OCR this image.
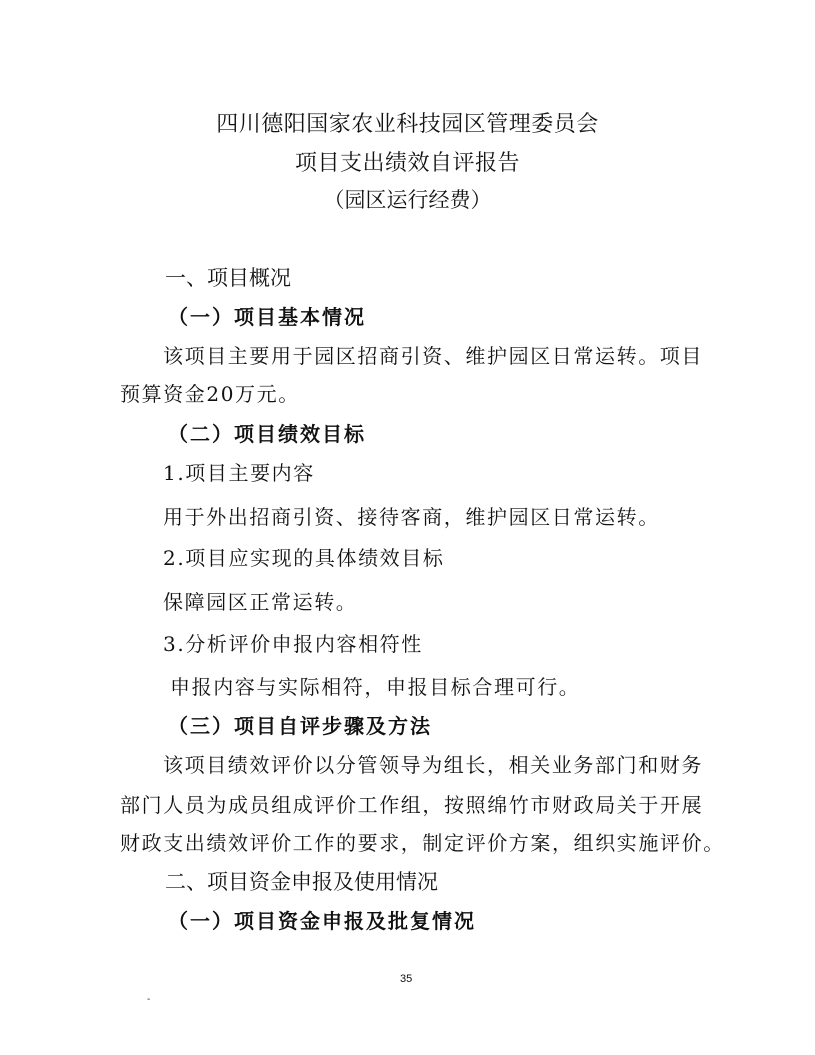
四川德阳国家农业科技园区管理委员会

项目支出绩效自评报告

（园区运行经费）

一、项目概况

（一）项目基本情况

该项目主要用于园区招商引资、维护园区日常运转。项目

预算资金20万元。

（二）项目绩效目标

1.项目主要内容

用于外出招商引资、接待客商，维护园区日常运转。

2.项目应实现的具体绩效目标

保障园区正常运转。

3.分析评价申报内容相符性

申报内容与实际相符，申报目标合理可行。

（三）项目自评步骤及方法

该项目绩效评价以分管领导为组长，相关业务部门和财务

部门人员为成员组成评价工作组，按照绵竹市财政局关于开展

财政支出绩效评价工作的要求，制定评价方案，组织实施评价。

二、项目资金申报及使用情况

（一）项目资金申报及批复情况

35

-
